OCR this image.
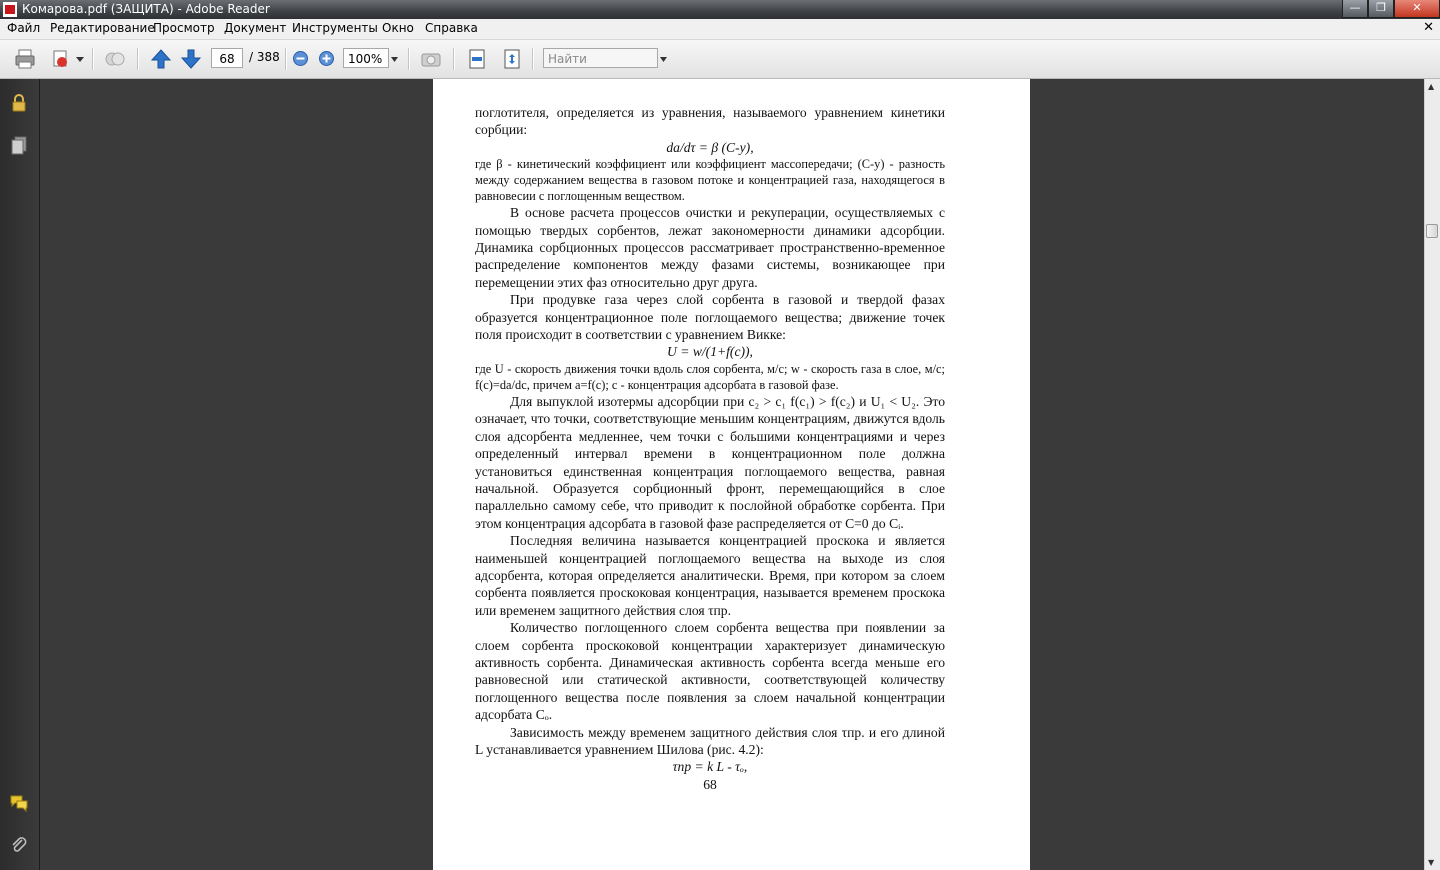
Комарова.pdf (ЗАЩИТА) - Adobe Reader	—	❐	✕
Файл Редактирование
Просмотр Документ Инструменты Окно Справка	✕
68	/ 388	100%	Найти

поглотителя, определяется из уравнения, называемого уравнением кинетики сорбции:

da/dτ = β (C-y),

где β - кинетический коэффициент или коэффициент массопередачи; (C-y) - разность между содержанием вещества в газовом потоке и концентрацией газа, находящегося в равновесии с поглощенным веществом.

В основе расчета процессов очистки и рекуперации, осуществляемых с помощью твердых сорбентов, лежат закономерности динамики адсорбции. Динамика сорбционных процессов рассматривает пространственно-временное распределение компонентов между фазами системы, возникающее при перемещении этих фаз относительно друг друга.

При продувке газа через слой сорбента в газовой и твердой фазах образуется концентрационное поле поглощаемого вещества; движение точек поля происходит в соответствии с уравнением Викке:

U = w/(1+f(c)),

где U - скорость движения точки вдоль слоя сорбента, м/с; w - скорость газа в слое, м/с; f(c)=da/dc, причем a=f(c); c - концентрация адсорбата в газовой фазе.

Для выпуклой изотермы адсорбции при c₂ > c₁ f(c₁) > f(c₂) и U₁ < U₂. Это означает, что точки, соответствующие меньшим концентрациям, движутся вдоль слоя адсорбента медленнее, чем точки с большими концентрациями и через определенный интервал времени в концентрационном поле должна установиться единственная концентрация поглощаемого вещества, равная начальной. Образуется сорбционный фронт, перемещающийся в слое параллельно самому себе, что приводит к послойной обработке сорбента. При этом концентрация адсорбата в газовой фазе распределяется от C=0 до Cᵢ.

Последняя величина называется концентрацией проскока и является наименьшей концентрацией поглощаемого вещества на выходе из слоя адсорбента, которая определяется аналитически. Время, при котором за слоем сорбента появляется проскоковая концентрация, называется временем проскока или временем защитного действия слоя τпр.

Количество поглощенного слоем сорбента вещества при появлении за слоем сорбента проскоковой концентрации характеризует динамическую активность сорбента. Динамическая активность сорбента всегда меньше его равновесной или статической активности, соответствующей количеству поглощенного вещества после появления за слоем начальной концентрации адсорбата Cₒ.

Зависимость между временем защитного действия слоя τпр. и его длиной L устанавливается уравнением Шилова (рис. 4.2):

τпр = k L - τₒ,

68

▲
▼
